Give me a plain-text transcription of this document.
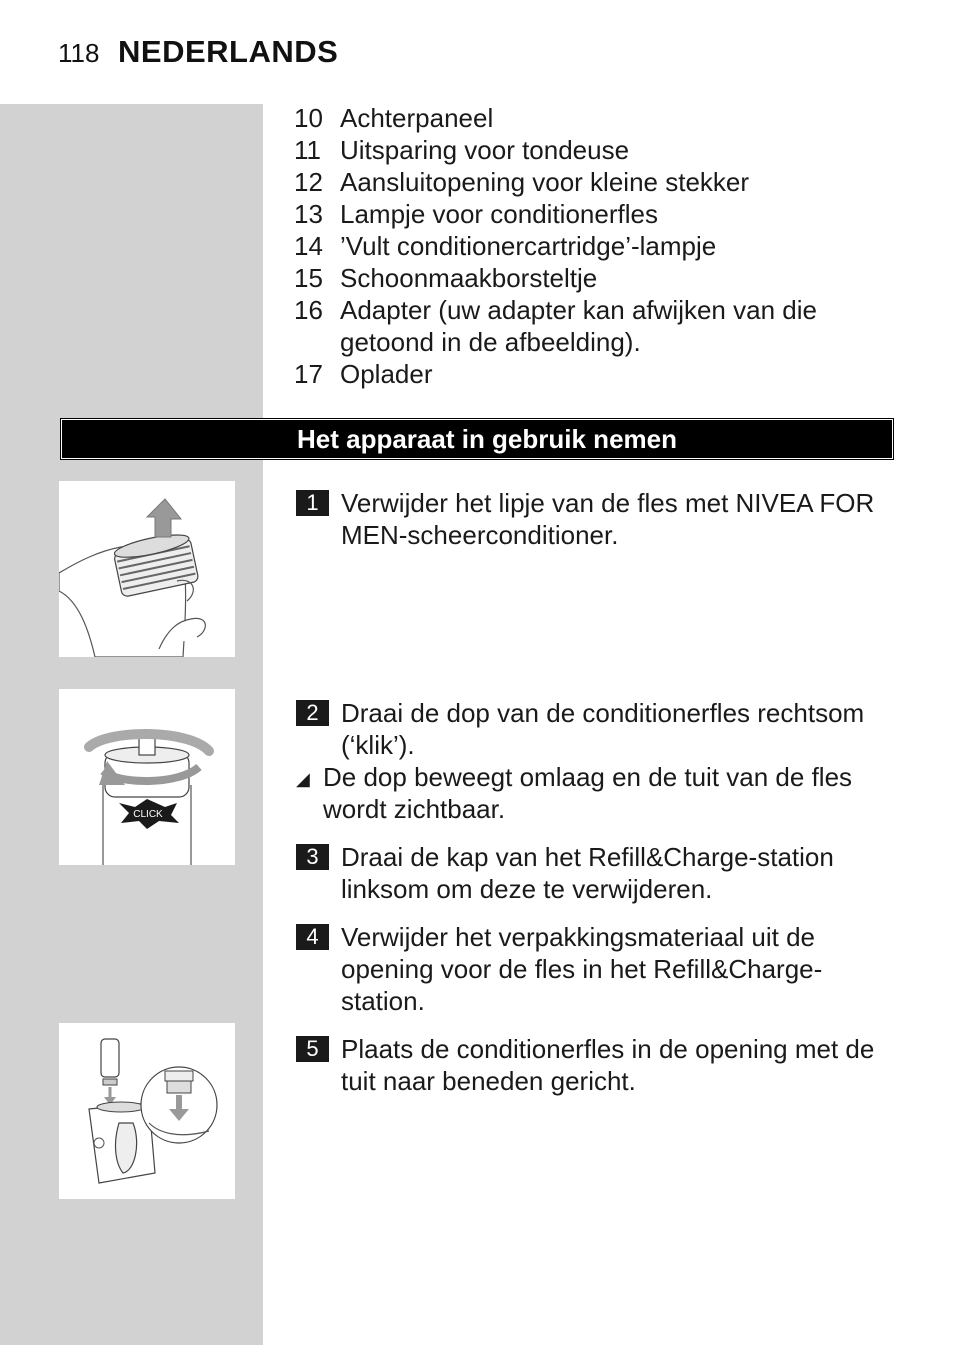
118 NEDERLANDS
10 Achterpaneel
11 Uitsparing voor tondeuse
12 Aansluitopening voor kleine stekker
13 Lampje voor conditionerfles
14 ’Vult conditionercartridge’-lampje
15 Schoonmaakborsteltje
16 Adapter (uw adapter kan afwijken van die getoond in de afbeelding).
17 Oplader
Het apparaat in gebruik nemen
CLICK
1 Verwijder het lipje van de fles met NIVEA FOR MEN-scheerconditioner.
2 Draai de dop van de conditionerfles rechtsom (‘klik’).
◢ De dop beweegt omlaag en de tuit van de fles wordt zichtbaar.
3 Draai de kap van het Refill&Charge-station linksom om deze te verwijderen.
4 Verwijder het verpakkingsmateriaal uit de opening voor de fles in het Refill&Charge-station.
5 Plaats de conditionerfles in de opening met de tuit naar beneden gericht.
